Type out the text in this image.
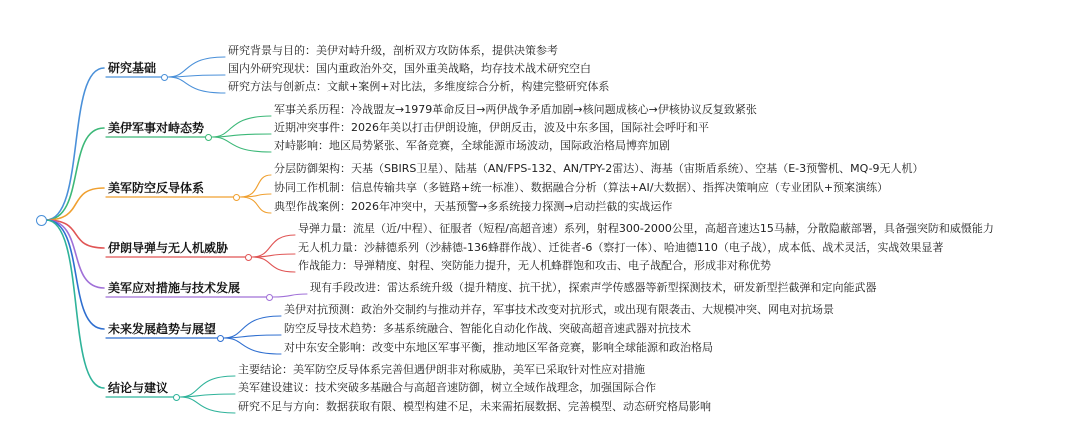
研究基础
研究背景与目的：美伊对峙升级，剖析双方攻防体系，提供决策参考
国内外研究现状：国内重政治外交，国外重美战略，均存技术战术研究空白
研究方法与创新点：文献+案例+对比法，多维度综合分析，构建完整研究体系
美伊军事对峙态势
军事关系历程：冷战盟友→1979革命反目→两伊战争矛盾加剧→核问题成核心→伊核协议反复致紧张
近期冲突事件：2026年美以打击伊朗设施，伊朗反击，波及中东多国，国际社会呼吁和平
对峙影响：地区局势紧张、军备竞赛，全球能源市场波动，国际政治格局博弈加剧
美军防空反导体系
分层防御架构：天基（SBIRS卫星）、陆基（AN/FPS-132、AN/TPY-2雷达）、海基（宙斯盾系统）、空基（E-3预警机、MQ-9无人机）
协同工作机制：信息传输共享（多链路+统一标准）、数据融合分析（算法+AI/大数据）、指挥决策响应（专业团队+预案演练）
典型作战案例：2026年冲突中，天基预警→多系统接力探测→启动拦截的实战运作
伊朗导弹与无人机威胁
导弹力量：流星（近/中程）、征服者（短程/高超音速）系列，射程300-2000公里，高超音速达15马赫，分散隐蔽部署，具备强突防和威慑能力
无人机力量：沙赫德系列（沙赫德-136蜂群作战）、迁徙者-6（察打一体）、哈迪德110（电子战），成本低、战术灵活，实战效果显著
作战能力：导弹精度、射程、突防能力提升，无人机蜂群饱和攻击、电子战配合，形成非对称优势
美军应对措施与技术发展	现有手段改进：雷达系统升级（提升精度、抗干扰），探索声学传感器等新型探测技术，研发新型拦截弹和定向能武器
未来发展趋势与展望
美伊对抗预测：政治外交制约与推动并存，军事技术改变对抗形式，或出现有限袭击、大规模冲突、网电对抗场景
防空反导技术趋势：多基系统融合、智能化自动化作战、突破高超音速武器对抗技术
对中东安全影响：改变中东地区军事平衡，推动地区军备竞赛，影响全球能源和政治格局
结论与建议
主要结论：美军防空反导体系完善但遇伊朗非对称威胁，美军已采取针对性应对措施
美军建设建议：技术突破多基融合与高超音速防御，树立全域作战理念，加强国际合作
研究不足与方向：数据获取有限、模型构建不足，未来需拓展数据、完善模型、动态研究格局影响
